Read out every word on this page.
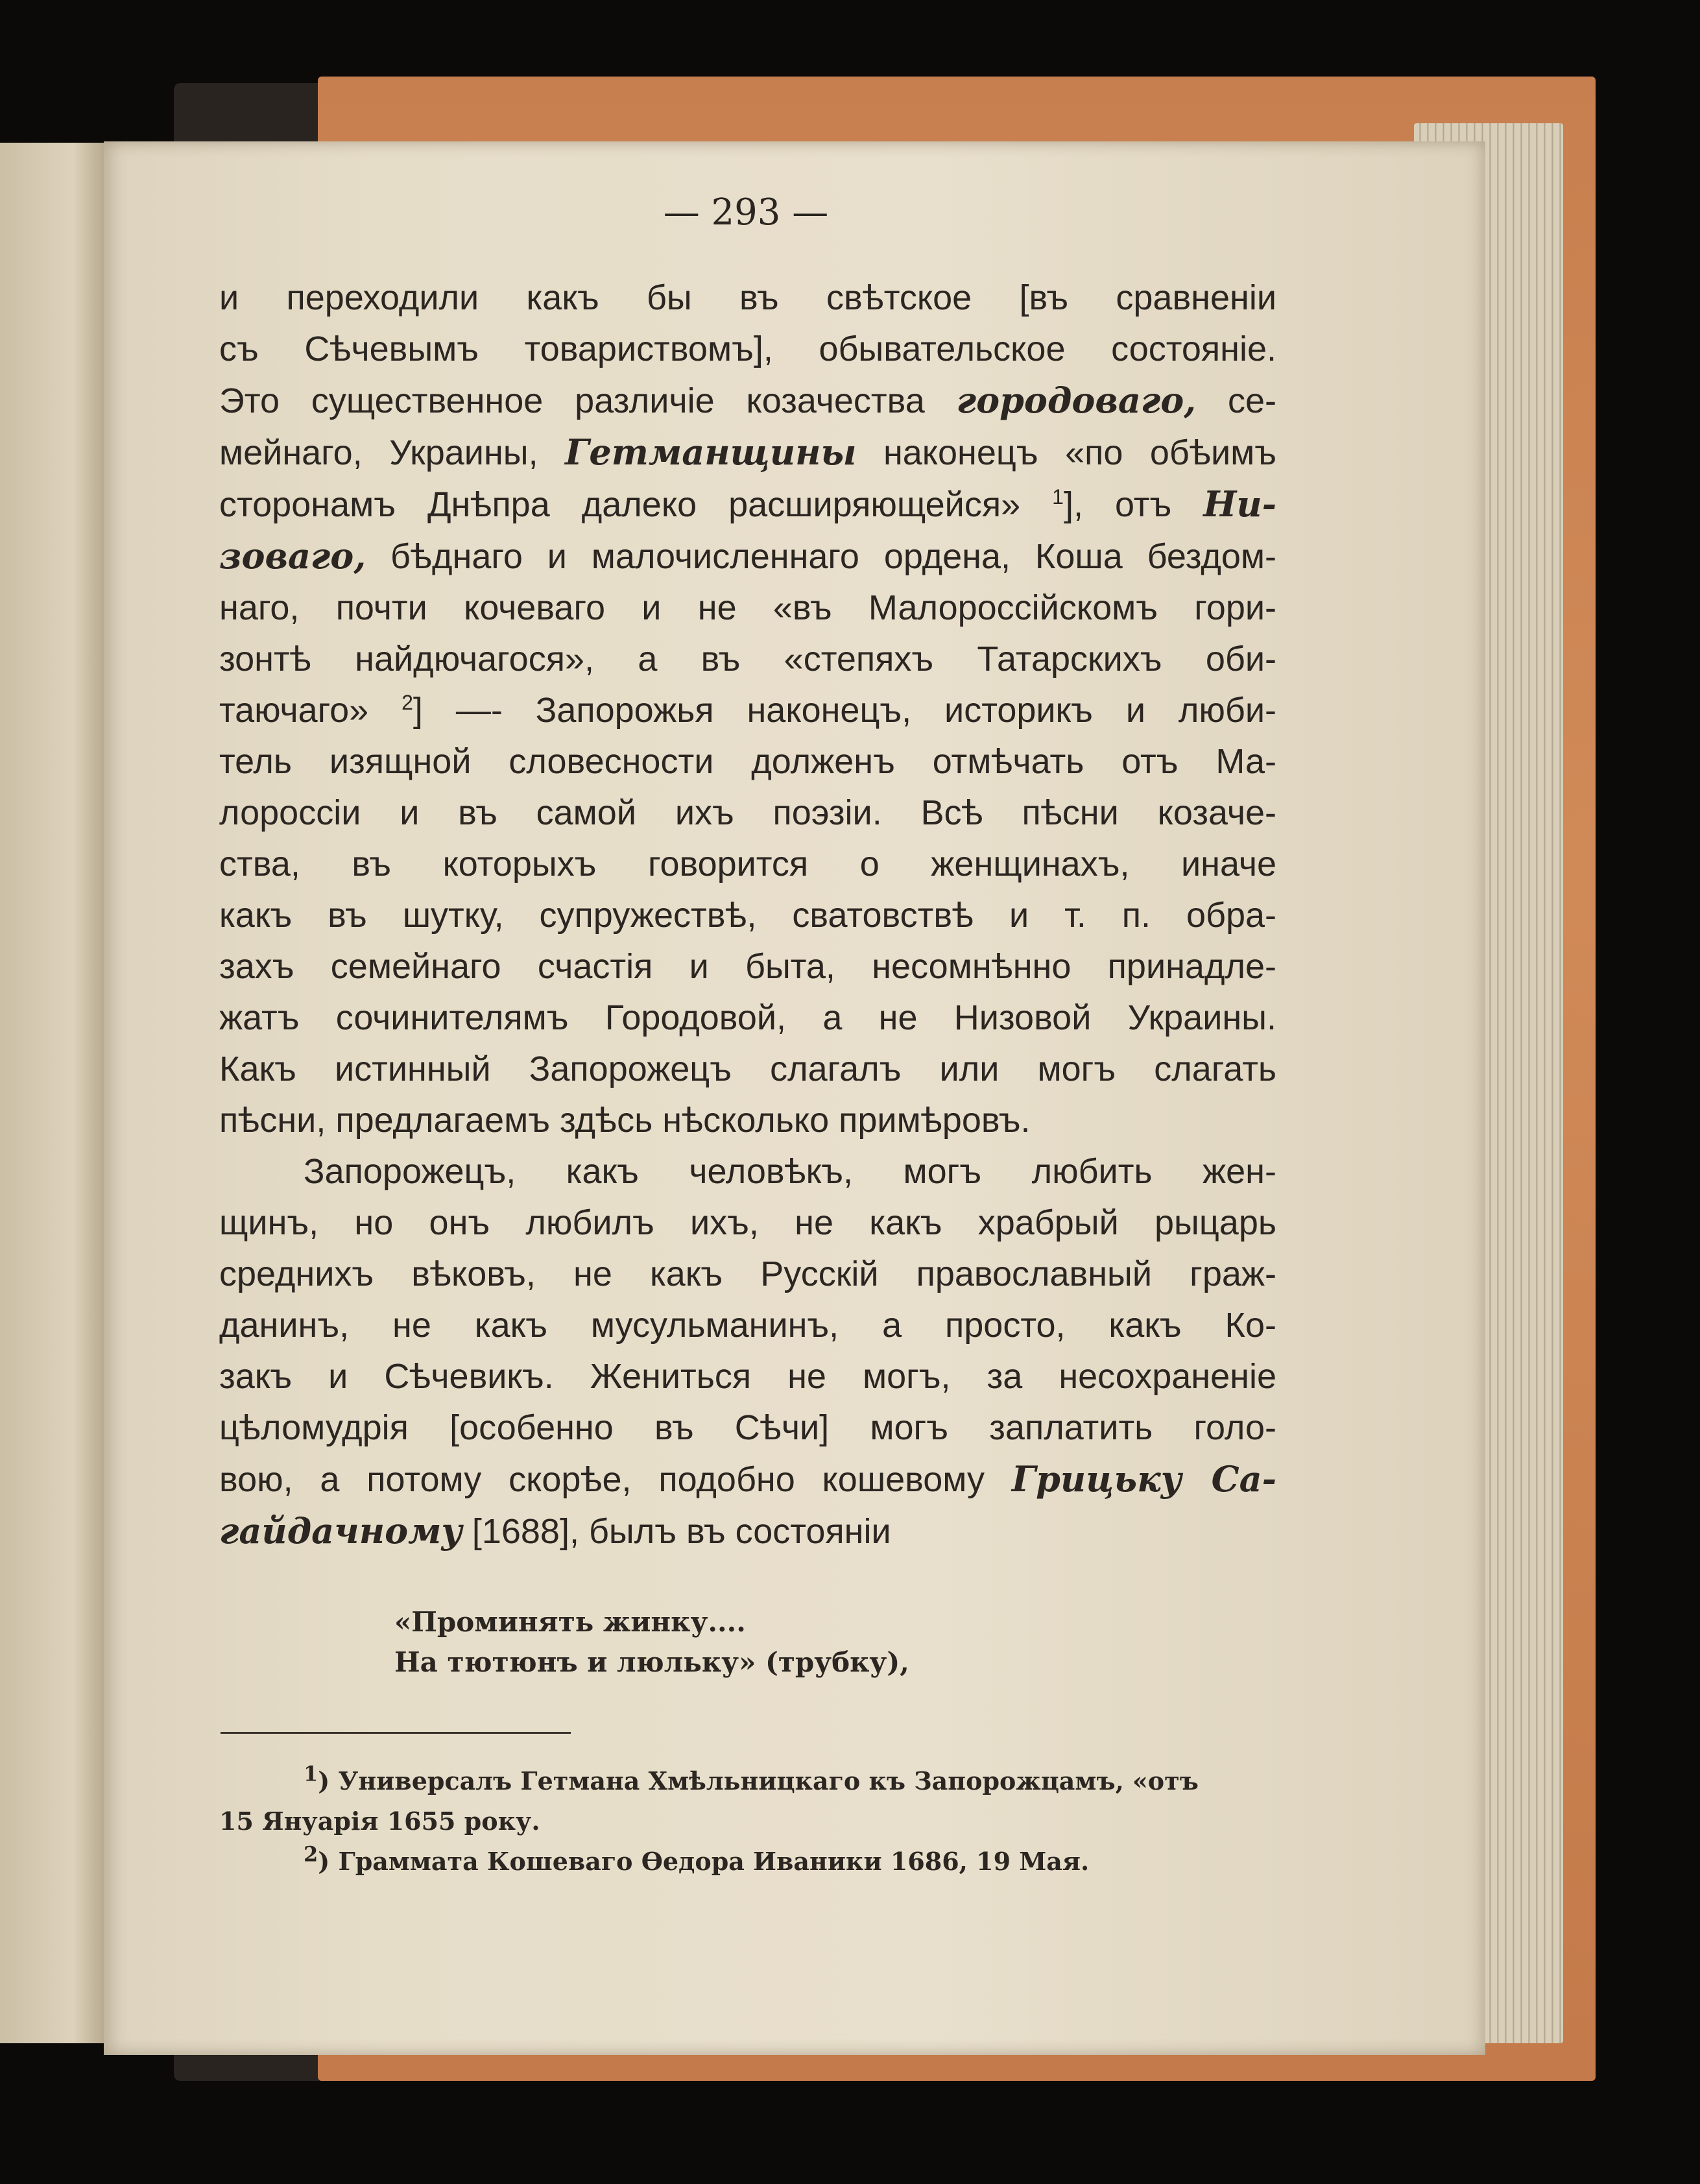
— 293 —
и переходили какъ бы въ свѣтское [въ сравненiи
съ Сѣчевымъ товариствомъ], обывательское состоянiе.
Это существенное различiе козачества городоваго, се-
мейнаго, Украины, Гетманщины наконецъ «по обѣимъ
сторонамъ Днѣпра далеко расширяющейся» $^1$], отъ Ни-
зоваго, бѣднаго и малочисленнаго ордена, Коша бездом-
наго, почти кочеваго и не «въ Малороссiйскомъ гори-
зонтѣ найдючагося», а въ «степяхъ Татарскихъ оби-
таючаго» $^2$] —- Запорожья наконецъ, историкъ и люби-
тель изящной словесности долженъ отмѣчать отъ Ма-
лороссiи и въ самой ихъ поэзiи. Всѣ пѣсни козаче-
ства, въ которыхъ говорится о женщинахъ, иначе
какъ въ шутку, супружествѣ, сватовствѣ и т. п. обра-
захъ семейнаго счастiя и быта, несомнѣнно принадле-
жатъ сочинителямъ Городовой, а не Низовой Украины.
Какъ истинный Запорожецъ слагалъ или могъ слагать
пѣсни, предлагаемъ здѣсь нѣсколько примѣровъ.
Запорожецъ, какъ человѣкъ, могъ любить жен-
щинъ, но онъ любилъ ихъ, не какъ храбрый рыцарь
среднихъ вѣковъ, не какъ Русскiй православный граж-
данинъ, не какъ мусульманинъ, а просто, какъ Ко-
закъ и Сѣчевикъ. Жениться не могъ, за несохраненiе
цѣломудрiя [особенно въ Сѣчи] могъ заплатить голо-
вою, а потому скорѣе, подобно кошевому Грицьку Са-
гайдачному [1688], былъ въ состоянiи
«Проминять жинку....
На тютюнъ и люльку» (трубку),
$^1$) Универсалъ Гетмана Хмѣльницкаго къ Запорожцамъ, «отъ
15 Януарiя 1655 року.
$^2$) Граммата Кошеваго Ѳедора Иваники 1686, 19 Мая.
